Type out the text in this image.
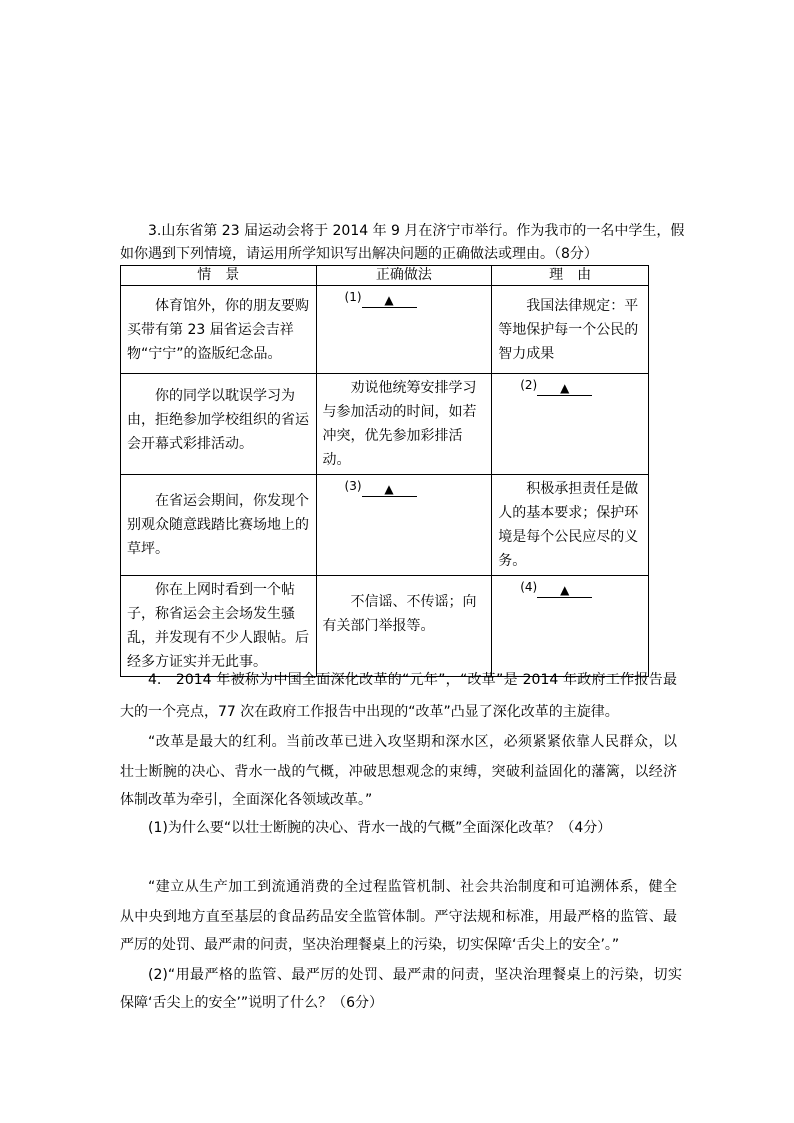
3.山东省第 23 届运动会将于 2014 年 9 月在济宁市举行。作为我市的一名中学生，假
如你遇到下列情境，请运用所学知识写出解决问题的正确做法或理由。（8分）
情　景	正确做法	理　由
体育馆外，你的朋友要购买带有第 23 届省运会吉祥物“宁宁”的盗版纪念品。	(1) ▲	我国法律规定：平等地保护每一个公民的智力成果
你的同学以耽误学习为由，拒绝参加学校组织的省运会开幕式彩排活动。	劝说他统筹安排学习与参加活动的时间，如若冲突，优先参加彩排活动。	(2) ▲
在省运会期间，你发现个别观众随意践踏比赛场地上的草坪。	(3) ▲	积极承担责任是做人的基本要求；保护环境是每个公民应尽的义务。
你在上网时看到一个帖子，称省运会主会场发生骚乱，并发现有不少人跟帖。后经多方证实并无此事。	不信谣、不传谣；向有关部门举报等。	(4) ▲
4.　2014 年被称为中国全面深化改革的“元年”，“改革”是 2014 年政府工作报告最
大的一个亮点，77 次在政府工作报告中出现的“改革”凸显了深化改革的主旋律。
“改革是最大的红利。当前改革已进入攻坚期和深水区，必须紧紧依靠人民群众，以
壮士断腕的决心、背水一战的气概，冲破思想观念的束缚，突破利益固化的藩篱，以经济
体制改革为牵引，全面深化各领域改革。”
(1)为什么要“以壮士断腕的决心、背水一战的气概”全面深化改革？（4分）
“建立从生产加工到流通消费的全过程监管机制、社会共治制度和可追溯体系，健全
从中央到地方直至基层的食品药品安全监管体制。严守法规和标准，用最严格的监管、最
严厉的处罚、最严肃的问责，坚决治理餐桌上的污染，切实保障‘舌尖上的安全’。”
(2)“用最严格的监管、最严厉的处罚、最严肃的问责，坚决治理餐桌上的污染，切实
保障‘舌尖上的安全’”说明了什么？（6分）
